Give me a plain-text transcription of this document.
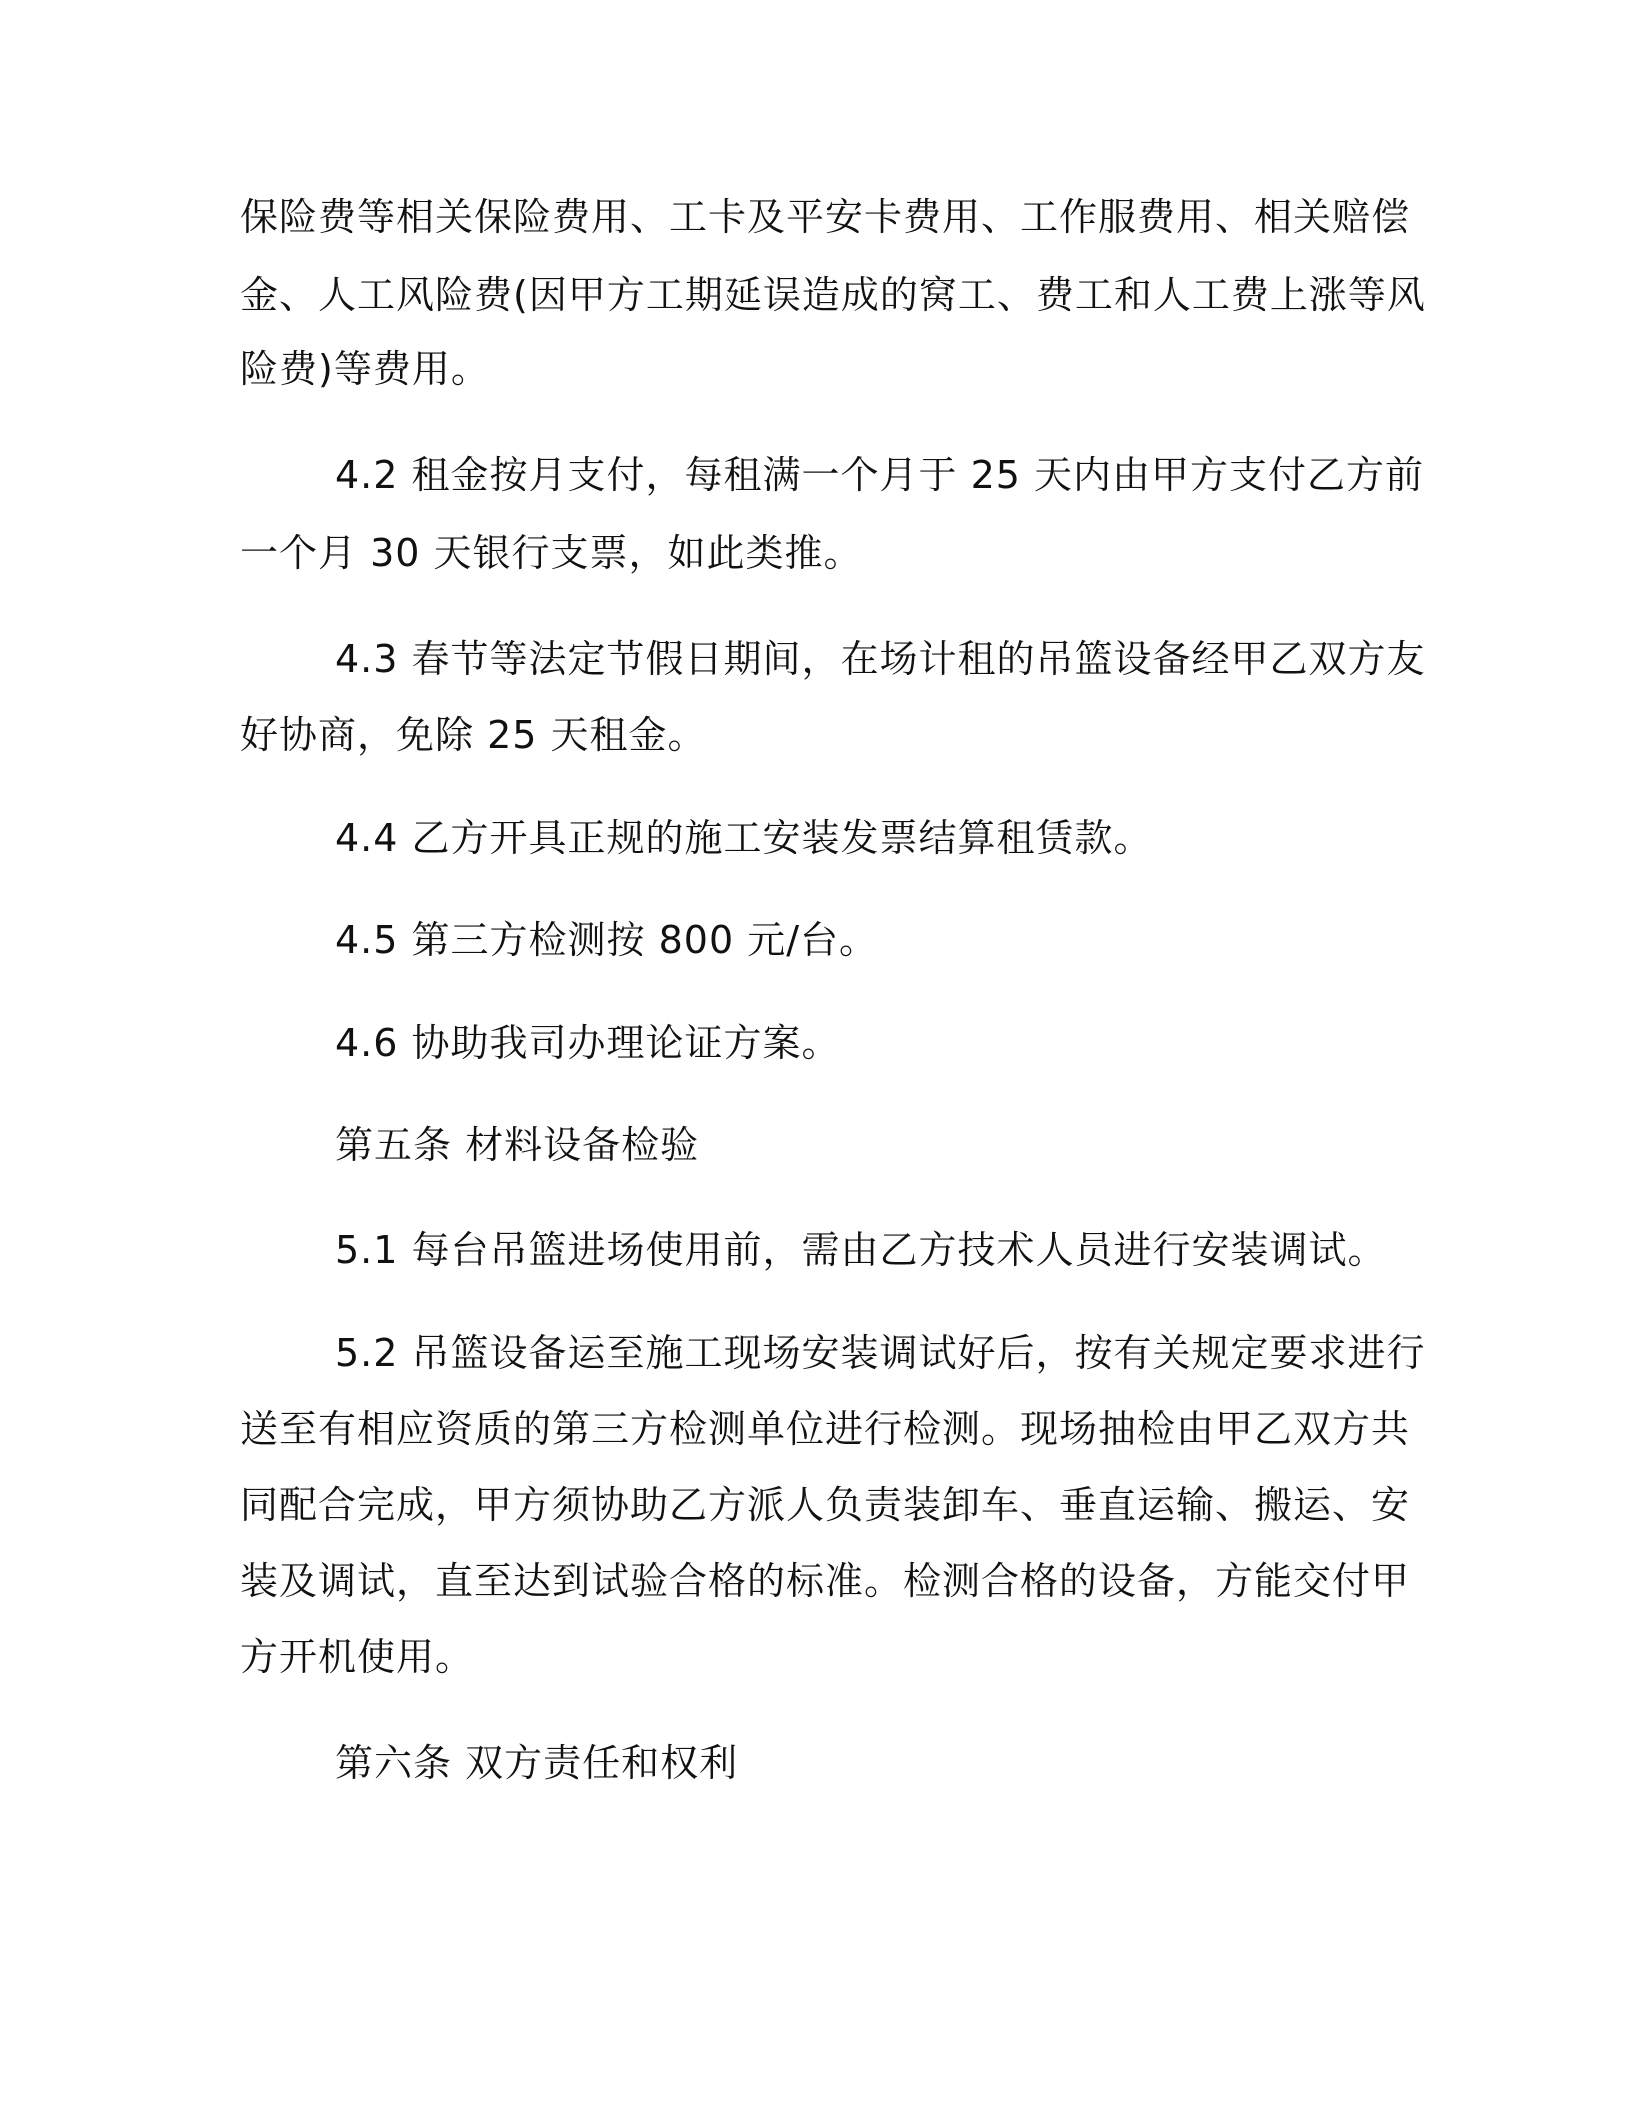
保险费等相关保险费用、工卡及平安卡费用、工作服费用、相关赔偿
金、人工风险费(因甲方工期延误造成的窝工、费工和人工费上涨等风
险费)等费用。
4.2 租金按月支付，每租满一个月于 25 天内由甲方支付乙方前
一个月 30 天银行支票，如此类推。
4.3 春节等法定节假日期间，在场计租的吊篮设备经甲乙双方友
好协商，免除 25 天租金。
4.4 乙方开具正规的施工安装发票结算租赁款。
4.5 第三方检测按 800 元/台。
4.6 协助我司办理论证方案。
第五条 材料设备检验
5.1 每台吊篮进场使用前，需由乙方技术人员进行安装调试。
5.2 吊篮设备运至施工现场安装调试好后，按有关规定要求进行
送至有相应资质的第三方检测单位进行检测。现场抽检由甲乙双方共
同配合完成，甲方须协助乙方派人负责装卸车、垂直运输、搬运、安
装及调试，直至达到试验合格的标准。检测合格的设备，方能交付甲
方开机使用。
第六条 双方责任和权利
